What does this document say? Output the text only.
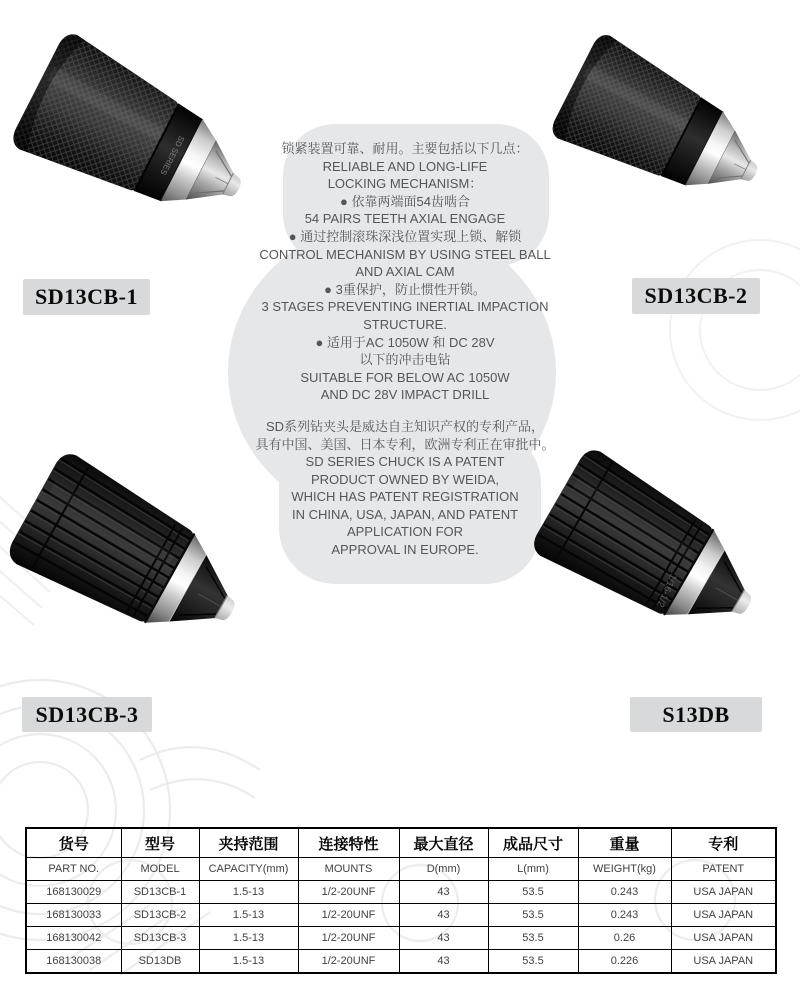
SD SERIES
1/16-1/2
锁紧装置可靠、耐用。主要包括以下几点：
RELIABLE AND LONG-LIFE
LOCKING MECHANISM：
● 依靠两端面54齿啮合
54 PAIRS TEETH AXIAL ENGAGE
● 通过控制滚珠深浅位置实现上锁、解锁
CONTROL MECHANISM BY USING STEEL BALL
AND AXIAL CAM
● 3重保护，防止惯性开锁。
3 STAGES PREVENTING INERTIAL IMPACTION
STRUCTURE.
● 适用于AC 1050W 和 DC 28V
以下的冲击电钻
SUITABLE FOR BELOW AC 1050W
AND DC 28V IMPACT DRILL
SD系列钻夹头是威达自主知识产权的专利产品，
具有中国、美国、日本专利，欧洲专利正在审批中。
SD SERIES CHUCK IS A PATENT
PRODUCT OWNED BY WEIDA,
WHICH HAS PATENT REGISTRATION
IN CHINA, USA, JAPAN, AND PATENT
APPLICATION FOR
APPROVAL IN EUROPE.
SD13CB-1	SD13CB-2
SD13CB-3	S13DB
货号	型号	夹持范围	连接特性	最大直径	成品尺寸	重量	专利
PART NO.	MODEL	CAPACITY(mm)	MOUNTS	D(mm)	L(mm)	WEIGHT(kg)	PATENT
168130029	SD13CB-1	1.5-13	1/2-20UNF	43	53.5	0.243	USA JAPAN
168130033	SD13CB-2	1.5-13	1/2-20UNF	43	53.5	0.243	USA JAPAN
168130042	SD13CB-3	1.5-13	1/2-20UNF	43	53.5	0.26	USA JAPAN
168130038	SD13DB	1.5-13	1/2-20UNF	43	53.5	0.226	USA JAPAN
